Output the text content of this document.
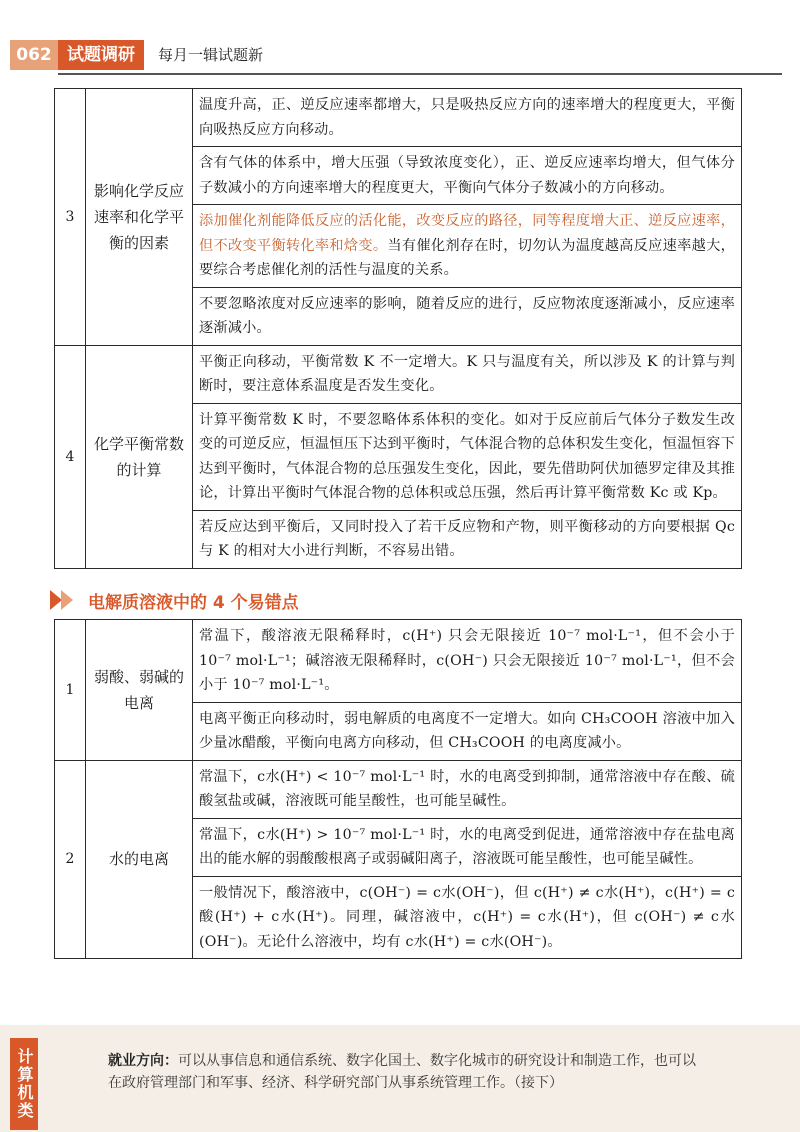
062 试题调研	每月一辑试题新
3	影响化学反应速率和化学平衡的因素	温度升高，正、逆反应速率都增大，只是吸热反应方向的速率增大的程度更大，平衡向吸热反应方向移动。
		含有气体的体系中，增大压强（导致浓度变化），正、逆反应速率均增大，但气体分子数减小的方向速率增大的程度更大，平衡向气体分子数减小的方向移动。
		添加催化剂能降低反应的活化能，改变反应的路径，同等程度增大正、逆反应速率，但不改变平衡转化率和焓变。当有催化剂存在时，切勿认为温度越高反应速率越大，要综合考虑催化剂的活性与温度的关系。
		不要忽略浓度对反应速率的影响，随着反应的进行，反应物浓度逐渐减小，反应速率逐渐减小。
4	化学平衡常数的计算	平衡正向移动，平衡常数 K 不一定增大。K 只与温度有关，所以涉及 K 的计算与判断时，要注意体系温度是否发生变化。
		计算平衡常数 K 时，不要忽略体系体积的变化。如对于反应前后气体分子数发生改变的可逆反应，恒温恒压下达到平衡时，气体混合物的总体积发生变化，恒温恒容下达到平衡时，气体混合物的总压强发生变化，因此，要先借助阿伏加德罗定律及其推论，计算出平衡时气体混合物的总体积或总压强，然后再计算平衡常数 Kc 或 Kp。
		若反应达到平衡后，又同时投入了若干反应物和产物，则平衡移动的方向要根据 Qc 与 K 的相对大小进行判断，不容易出错。
电解质溶液中的 4 个易错点
1	弱酸、弱碱的电离	常温下，酸溶液无限稀释时，c(H⁺) 只会无限接近 10⁻⁷ mol·L⁻¹，但不会小于 10⁻⁷ mol·L⁻¹；碱溶液无限稀释时，c(OH⁻) 只会无限接近 10⁻⁷ mol·L⁻¹，但不会小于 10⁻⁷ mol·L⁻¹。
		电离平衡正向移动时，弱电解质的电离度不一定增大。如向 CH₃COOH 溶液中加入少量冰醋酸，平衡向电离方向移动，但 CH₃COOH 的电离度减小。
2	水的电离	常温下，c水(H⁺) < 10⁻⁷ mol·L⁻¹ 时，水的电离受到抑制，通常溶液中存在酸、硫酸氢盐或碱，溶液既可能呈酸性，也可能呈碱性。
		常温下，c水(H⁺) > 10⁻⁷ mol·L⁻¹ 时，水的电离受到促进，通常溶液中存在盐电离出的能水解的弱酸酸根离子或弱碱阳离子，溶液既可能呈酸性，也可能呈碱性。
		一般情况下，酸溶液中，c(OH⁻) = c水(OH⁻)，但 c(H⁺) ≠ c水(H⁺)，c(H⁺) = c酸(H⁺) + c水(H⁺)。同理，碱溶液中，c(H⁺) = c水(H⁺)，但 c(OH⁻) ≠ c水(OH⁻)。无论什么溶液中，均有 c水(H⁺) = c水(OH⁻)。
计算机类	就业方向：可以从事信息和通信系统、数字化国土、数字化城市的研究设计和制造工作，也可以在政府管理部门和军事、经济、科学研究部门从事系统管理工作。（接下）
